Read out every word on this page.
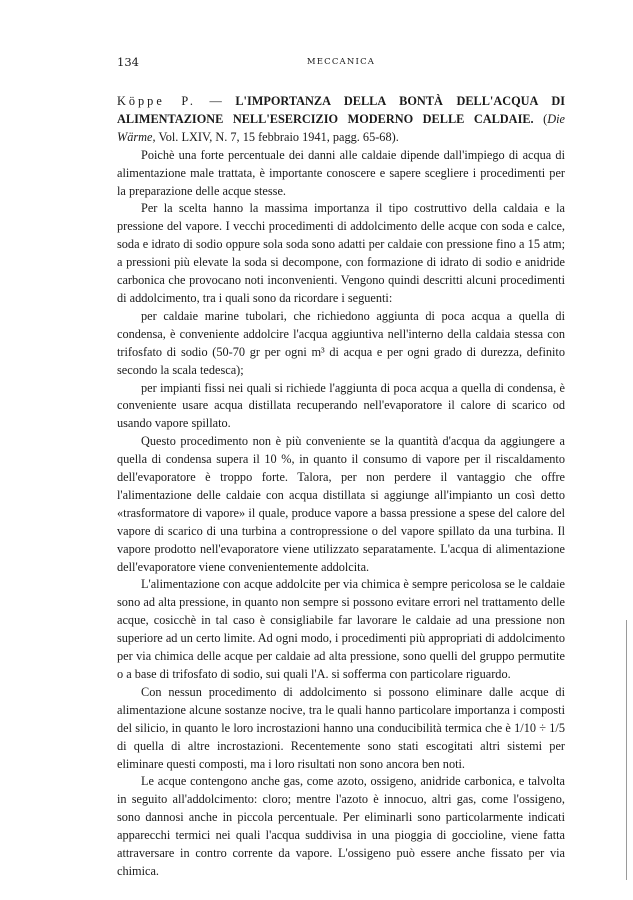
134	MECCANICA

Köppe P. — L'IMPORTANZA DELLA BONTÀ DELL'ACQUA DI ALIMENTAZIONE NELL'ESERCIZIO MODERNO DELLE CALDAIE. (Die Wärme, Vol. LXIV, N. 7, 15 febbraio 1941, pagg. 65-68).

Poichè una forte percentuale dei danni alle caldaie dipende dall'impiego di acqua di alimentazione male trattata, è importante conoscere e sapere scegliere i procedimenti per la preparazione delle acque stesse.

Per la scelta hanno la massima importanza il tipo costruttivo della caldaia e la pressione del vapore. I vecchi procedimenti di addolcimento delle acque con soda e calce, soda e idrato di sodio oppure sola soda sono adatti per caldaie con pressione fino a 15 atm; a pressioni più elevate la soda si decompone, con formazione di idrato di sodio e anidride carbonica che provocano noti inconvenienti. Vengono quindi descritti alcuni procedimenti di addolcimento, tra i quali sono da ricordare i seguenti:

per caldaie marine tubolari, che richiedono aggiunta di poca acqua a quella di condensa, è conveniente addolcire l'acqua aggiuntiva nell'interno della caldaia stessa con trifosfato di sodio (50-70 gr per ogni m³ di acqua e per ogni grado di durezza, definito secondo la scala tedesca);

per impianti fissi nei quali si richiede l'aggiunta di poca acqua a quella di condensa, è conveniente usare acqua distillata recuperando nell'evaporatore il calore di scarico od usando vapore spillato.

Questo procedimento non è più conveniente se la quantità d'acqua da aggiungere a quella di condensa supera il 10 %, in quanto il consumo di vapore per il riscaldamento dell'evaporatore è troppo forte. Talora, per non perdere il vantaggio che offre l'alimentazione delle caldaie con acqua distillata si aggiunge all'impianto un così detto «trasformatore di vapore» il quale, produce vapore a bassa pressione a spese del calore del vapore di scarico di una turbina a contropressione o del vapore spillato da una turbina. Il vapore prodotto nell'evaporatore viene utilizzato separatamente. L'acqua di alimentazione dell'evaporatore viene convenientemente addolcita.

L'alimentazione con acque addolcite per via chimica è sempre pericolosa se le caldaie sono ad alta pressione, in quanto non sempre si possono evitare errori nel trattamento delle acque, cosicchè in tal caso è consigliabile far lavorare le caldaie ad una pressione non superiore ad un certo limite. Ad ogni modo, i procedimenti più appropriati di addolcimento per via chimica delle acque per caldaie ad alta pressione, sono quelli del gruppo permutite o a base di trifosfato di sodio, sui quali l'A. si sofferma con particolare riguardo.

Con nessun procedimento di addolcimento si possono eliminare dalle acque di alimentazione alcune sostanze nocive, tra le quali hanno particolare importanza i composti del silicio, in quanto le loro incrostazioni hanno una conducibilità termica che è 1/10 ÷ 1/5 di quella di altre incrostazioni. Recentemente sono stati escogitati altri sistemi per eliminare questi composti, ma i loro risultati non sono ancora ben noti.

Le acque contengono anche gas, come azoto, ossigeno, anidride carbonica, e talvolta in seguito all'addolcimento: cloro; mentre l'azoto è innocuo, altri gas, come l'ossigeno, sono dannosi anche in piccola percentuale. Per eliminarli sono particolarmente indicati apparecchi termici nei quali l'acqua suddivisa in una pioggia di goccioline, viene fatta attraversare in contro corrente da vapore. L'ossigeno può essere anche fissato per via chimica.
